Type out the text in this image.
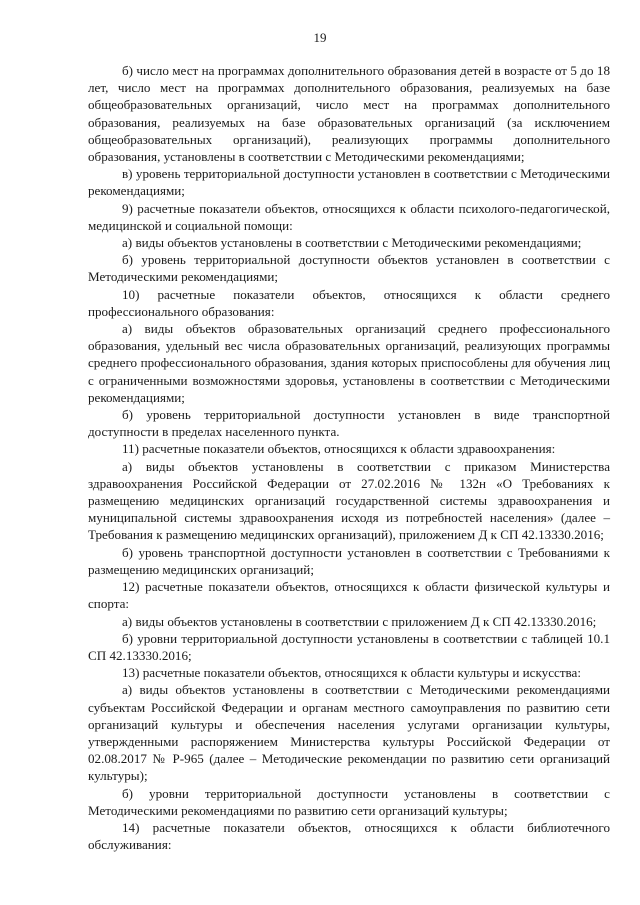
19

б) число мест на программах дополнительного образования детей в возрасте от 5 до 18 лет, число мест на программах дополнительного образования, реализуемых на базе общеобразовательных организаций, число мест на программах дополнительного образования, реализуемых на базе образовательных организаций (за исключением общеобразовательных организаций), реализующих программы дополнительного образования, установлены в соответствии с Методическими рекомендациями;

в) уровень территориальной доступности установлен в соответствии с Методическими рекомендациями;

9) расчетные показатели объектов, относящихся к области психолого-педагогической, медицинской и социальной помощи:

а) виды объектов установлены в соответствии с Методическими рекомендациями;

б) уровень территориальной доступности объектов установлен в соответствии с Методическими рекомендациями;

10) расчетные показатели объектов, относящихся к области среднего профессионального образования:

а) виды объектов образовательных организаций среднего профессионального образования, удельный вес числа образовательных организаций, реализующих программы среднего профессионального образования, здания которых приспособлены для обучения лиц с ограниченными возможностями здоровья, установлены в соответствии с Методическими рекомендациями;

б) уровень территориальной доступности установлен в виде транспортной доступности в пределах населенного пункта.

11) расчетные показатели объектов, относящихся к области здравоохранения:

а) виды объектов установлены в соответствии с приказом Министерства здравоохранения Российской Федерации от 27.02.2016 № 132н «О Требованиях к размещению медицинских организаций государственной системы здравоохранения и муниципальной системы здравоохранения исходя из потребностей населения» (далее – Требования к размещению медицинских организаций), приложением Д к СП 42.13330.2016;

б) уровень транспортной доступности установлен в соответствии с Требованиями к размещению медицинских организаций;

12) расчетные показатели объектов, относящихся к области физической культуры и спорта:

а) виды объектов установлены в соответствии с приложением Д к СП 42.13330.2016;

б) уровни территориальной доступности установлены в соответствии с таблицей 10.1 СП 42.13330.2016;

13) расчетные показатели объектов, относящихся к области культуры и искусства:

а) виды объектов установлены в соответствии с Методическими рекомендациями субъектам Российской Федерации и органам местного самоуправления по развитию сети организаций культуры и обеспечения населения услугами организации культуры, утвержденными распоряжением Министерства культуры Российской Федерации от 02.08.2017 № Р-965 (далее – Методические рекомендации по развитию сети организаций культуры);

б) уровни территориальной доступности установлены в соответствии с Методическими рекомендациями по развитию сети организаций культуры;

14) расчетные показатели объектов, относящихся к области библиотечного обслуживания:
